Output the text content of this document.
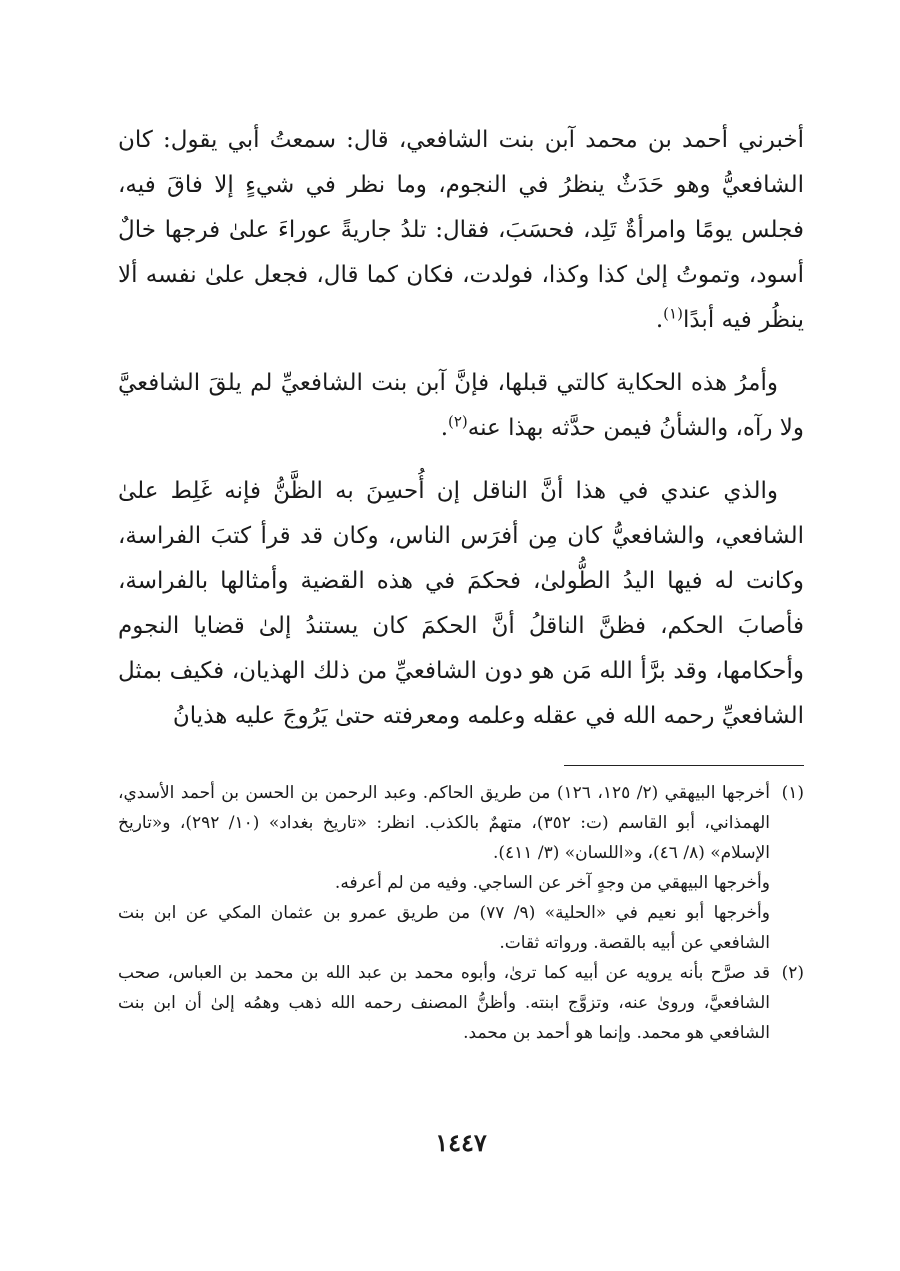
أخبرني أحمد بن محمد آبن بنت الشافعي، قال: سمعتُ أبي يقول: كان الشافعيُّ وهو حَدَثٌ ينظرُ في النجوم، وما نظر في شيءٍ إلا فاقَ فيه، فجلس يومًا وامرأةٌ تَلِد، فحسَبَ، فقال: تلدُ جاريةً عوراءَ علىٰ فرجها خالٌ أسود، وتموتُ إلىٰ كذا وكذا، فولدت، فكان كما قال، فجعل علىٰ نفسه ألا ينظُر فيه أبدًا$^{(١)}$.

وأمرُ هذه الحكاية كالتي قبلها، فإنَّ آبن بنت الشافعيِّ لم يلقَ الشافعيَّ ولا رآه، والشأنُ فيمن حدَّثه بهذا عنه$^{(٢)}$.

والذي عندي في هذا أنَّ الناقل إن أُحسِنَ به الظَّنُّ فإنه غَلِط علىٰ الشافعي، والشافعيُّ كان مِن أفرَس الناس، وكان قد قرأ كتبَ الفراسة، وكانت له فيها اليدُ الطُّولىٰ، فحكمَ في هذه القضية وأمثالها بالفراسة، فأصابَ الحكم، فظنَّ الناقلُ أنَّ الحكمَ كان يستندُ إلىٰ قضايا النجوم وأحكامها، وقد برَّأ الله مَن هو دون الشافعيِّ من ذلك الهذيان، فكيف بمثل الشافعيِّ رحمه الله في عقله وعلمه ومعرفته حتىٰ يَرُوجَ عليه هذيانُ

(١)

أخرجها البيهقي (٢/ ١٢٥، ١٢٦) من طريق الحاكم. وعبد الرحمن بن الحسن بن أحمد الأسدي، الهمذاني، أبو القاسم (ت: ٣٥٢)، متهمٌ بالكذب. انظر: «تاريخ بغداد» (١٠/ ٢٩٢)، و«تاريخ الإسلام» (٨/ ٤٦)، و«اللسان» (٣/ ٤١١).

وأخرجها البيهقي من وجهٍ آخر عن الساجي. وفيه من لم أعرفه.

وأخرجها أبو نعيم في «الحلية» (٩/ ٧٧) من طريق عمرو بن عثمان المكي عن ابن بنت الشافعي عن أبيه بالقصة. ورواته ثقات.

(٢)

قد صرَّح بأنه يرويه عن أبيه كما ترىٰ، وأبوه محمد بن عبد الله بن محمد بن العباس، صحب الشافعيَّ، وروىٰ عنه، وتزوَّج ابنته. وأظنُّ المصنف رحمه الله ذهب وهمُه إلىٰ أن ابن بنت الشافعي هو محمد. وإنما هو أحمد بن محمد.

١٤٤٧
